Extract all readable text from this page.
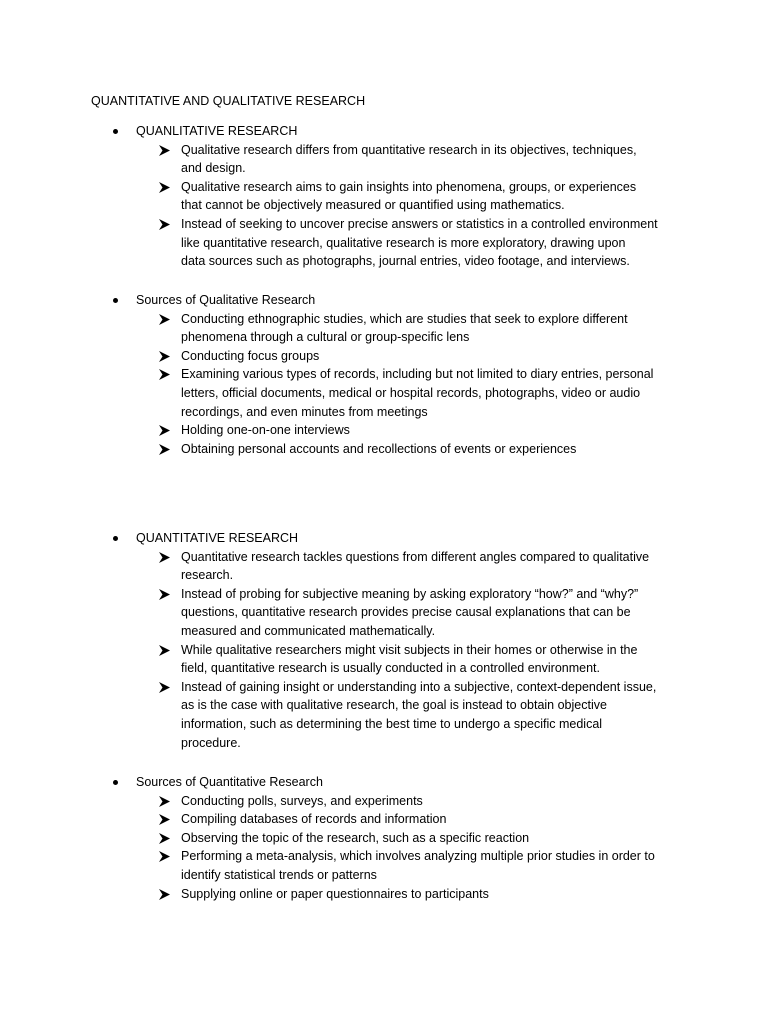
QUANTITATIVE AND QUALITATIVE RESEARCH
QUANLITATIVE RESEARCH
Qualitative research differs from quantitative research in its objectives, techniques,
and design.
Qualitative research aims to gain insights into phenomena, groups, or experiences
that cannot be objectively measured or quantified using mathematics.
Instead of seeking to uncover precise answers or statistics in a controlled environment
like quantitative research, qualitative research is more exploratory, drawing upon
data sources such as photographs, journal entries, video footage, and interviews.
Sources of Qualitative Research
Conducting ethnographic studies, which are studies that seek to explore different
phenomena through a cultural or group-specific lens
Conducting focus groups
Examining various types of records, including but not limited to diary entries, personal
letters, official documents, medical or hospital records, photographs, video or audio
recordings, and even minutes from meetings
Holding one-on-one interviews
Obtaining personal accounts and recollections of events or experiences
QUANTITATIVE RESEARCH
Quantitative research tackles questions from different angles compared to qualitative
research.
Instead of probing for subjective meaning by asking exploratory “how?” and “why?”
questions, quantitative research provides precise causal explanations that can be
measured and communicated mathematically.
While qualitative researchers might visit subjects in their homes or otherwise in the
field, quantitative research is usually conducted in a controlled environment.
Instead of gaining insight or understanding into a subjective, context-dependent issue,
as is the case with qualitative research, the goal is instead to obtain objective
information, such as determining the best time to undergo a specific medical
procedure.
Sources of Quantitative Research
Conducting polls, surveys, and experiments
Compiling databases of records and information
Observing the topic of the research, such as a specific reaction
Performing a meta-analysis, which involves analyzing multiple prior studies in order to
identify statistical trends or patterns
Supplying online or paper questionnaires to participants
